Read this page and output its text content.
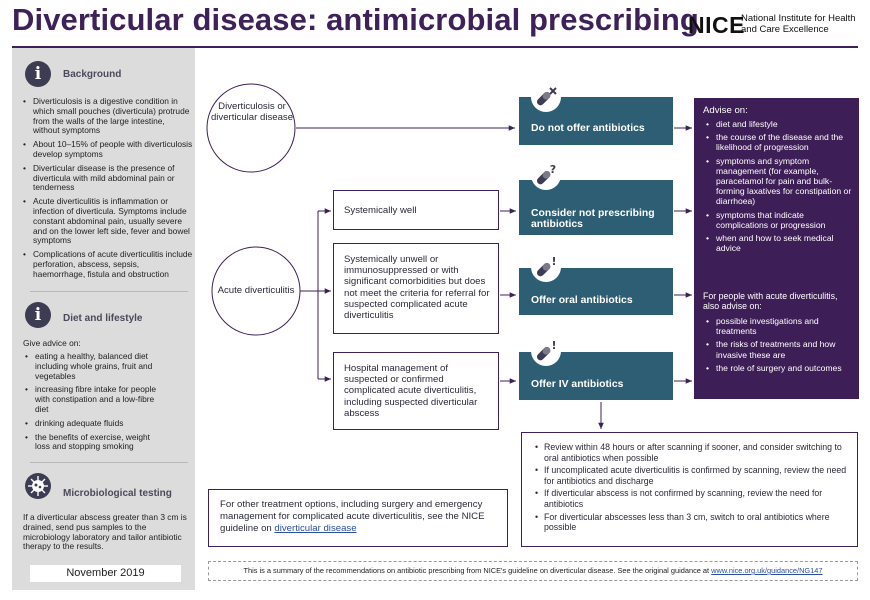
Diverticular disease: antimicrobial prescribing
NICE
National Institute for Health and Care Excellence
i	Background
• Diverticulosis is a digestive condition in which small pouches (diverticula) protrude from the walls of the large intestine, without symptoms
• About 10–15% of people with diverticulosis develop symptoms
• Diverticular disease is the presence of diverticula with mild abdominal pain or tenderness
• Acute diverticulitis is inflammation or infection of diverticula. Symptoms include constant abdominal pain, usually severe and on the lower left side, fever and bowel symptoms
• Complications of acute diverticulitis include perforation, abscess, sepsis, haemorrhage, fistula and obstruction
i	Diet and lifestyle
Give advice on:
• eating a healthy, balanced diet including whole grains, fruit and vegetables
• increasing fibre intake for people with constipation and a low-fibre diet
• drinking adequate fluids
• the benefits of exercise, weight loss and stopping smoking
Microbiological testing
If a diverticular abscess greater than 3 cm is drained, send pus samples to the microbiology laboratory and tailor antibiotic therapy to the results.
November 2019
Diverticulosis or diverticular disease
Acute diverticulitis
Systemically well
Systemically unwell or immunosuppressed or with significant comorbidities but does not meet the criteria for referral for suspected complicated acute diverticulitis
Hospital management of suspected or confirmed complicated acute diverticulitis, including suspected diverticular abscess
Do not offer antibiotics
Consider not prescribing antibiotics
Offer oral antibiotics
Offer IV antibiotics
?
!
!
Advise on:
• diet and lifestyle
• the course of the disease and the likelihood of progression
• symptoms and symptom management (for example, paracetamol for pain and bulk-forming laxatives for constipation or diarrhoea)
• symptoms that indicate complications or progression
• when and how to seek medical advice
For people with acute diverticulitis, also advise on:
• possible investigations and treatments
• the risks of treatments and how invasive these are
• the role of surgery and outcomes
• Review within 48 hours or after scanning if sooner, and consider switching to oral antibiotics when possible
• If uncomplicated acute diverticulitis is confirmed by scanning, review the need for antibiotics and discharge
• If diverticular abscess is not confirmed by scanning, review the need for antibiotics
• For diverticular abscesses less than 3 cm, switch to oral antibiotics where possible
For other treatment options, including surgery and emergency management for complicated acute diverticulitis, see the NICE guideline on diverticular disease
This is a summary of the recommendations on antibiotic prescribing from NICE's guideline on diverticular disease. See the original guidance at www.nice.org.uk/guidance/NG147
